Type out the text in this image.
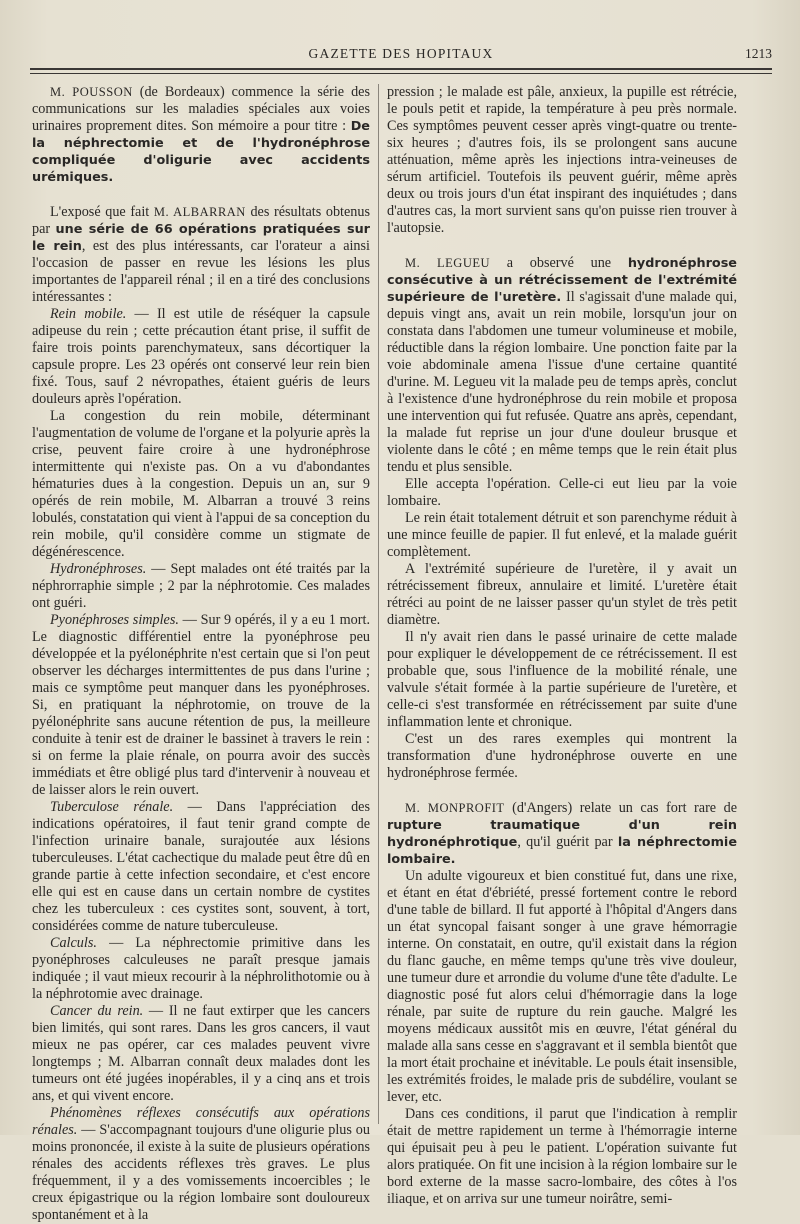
GAZETTE DES HOPITAUX	1213

M. POUSSON (de Bordeaux) commence la série des communications sur les maladies spéciales aux voies urinaires proprement dites. Son mémoire a pour titre : De la néphrectomie et de l'hydronéphrose compliquée d'oligurie avec accidents urémiques.

L'exposé que fait M. ALBARRAN des résultats obtenus par une série de 66 opérations pratiquées sur le rein, est des plus intéressants, car l'orateur a ainsi l'occasion de passer en revue les lésions les plus importantes de l'appareil rénal ; il en a tiré des conclusions intéressantes :

Rein mobile. — Il est utile de réséquer la capsule adipeuse du rein ; cette précaution étant prise, il suffit de faire trois points parenchymateux, sans décortiquer la capsule propre. Les 23 opérés ont conservé leur rein bien fixé. Tous, sauf 2 névropathes, étaient guéris de leurs douleurs après l'opération.

La congestion du rein mobile, déterminant l'augmentation de volume de l'organe et la polyurie après la crise, peuvent faire croire à une hydronéphrose intermittente qui n'existe pas. On a vu d'abondantes hématuries dues à la congestion. Depuis un an, sur 9 opérés de rein mobile, M. Albarran a trouvé 3 reins lobulés, constatation qui vient à l'appui de sa conception du rein mobile, qu'il considère comme un stigmate de dégénérescence.

Hydronéphroses. — Sept malades ont été traités par la néphrorraphie simple ; 2 par la néphrotomie. Ces malades ont guéri.

Pyonéphroses simples. — Sur 9 opérés, il y a eu 1 mort. Le diagnostic différentiel entre la pyonéphrose peu développée et la pyélonéphrite n'est certain que si l'on peut observer les décharges intermittentes de pus dans l'urine ; mais ce symptôme peut manquer dans les pyonéphroses. Si, en pratiquant la néphrotomie, on trouve de la pyélonéphrite sans aucune rétention de pus, la meilleure conduite à tenir est de drainer le bassinet à travers le rein : si on ferme la plaie rénale, on pourra avoir des succès immédiats et être obligé plus tard d'intervenir à nouveau et de laisser alors le rein ouvert.

Tuberculose rénale. — Dans l'appréciation des indications opératoires, il faut tenir grand compte de l'infection urinaire banale, surajoutée aux lésions tuberculeuses. L'état cachectique du malade peut être dû en grande partie à cette infection secondaire, et c'est encore elle qui est en cause dans un certain nombre de cystites chez les tuberculeux : ces cystites sont, souvent, à tort, considérées comme de nature tuberculeuse.

Calculs. — La néphrectomie primitive dans les pyonéphroses calculeuses ne paraît presque jamais indiquée ; il vaut mieux recourir à la néphrolithotomie ou à la néphrotomie avec drainage.

Cancer du rein. — Il ne faut extirper que les cancers bien limités, qui sont rares. Dans les gros cancers, il vaut mieux ne pas opérer, car ces malades peuvent vivre longtemps ; M. Albarran connaît deux malades dont les tumeurs ont été jugées inopérables, il y a cinq ans et trois ans, et qui vivent encore.

Phénomènes réflexes consécutifs aux opérations rénales. — S'accompagnant toujours d'une oligurie plus ou moins prononcée, il existe à la suite de plusieurs opérations rénales des accidents réflexes très graves. Le plus fréquemment, il y a des vomissements incoercibles ; le creux épigastrique ou la région lombaire sont douloureux spontanément et à la

pression ; le malade est pâle, anxieux, la pupille est rétrécie, le pouls petit et rapide, la température à peu près normale. Ces symptômes peuvent cesser après vingt-quatre ou trente-six heures ; d'autres fois, ils se prolongent sans aucune atténuation, même après les injections intra-veineuses de sérum artificiel. Toutefois ils peuvent guérir, même après deux ou trois jours d'un état inspirant des inquiétudes ; dans d'autres cas, la mort survient sans qu'on puisse rien trouver à l'autopsie.

M. LEGUEU a observé une hydronéphrose consécutive à un rétrécissement de l'extrémité supérieure de l'uretère. Il s'agissait d'une malade qui, depuis vingt ans, avait un rein mobile, lorsqu'un jour on constata dans l'abdomen une tumeur volumineuse et mobile, réductible dans la région lombaire. Une ponction faite par la voie abdominale amena l'issue d'une certaine quantité d'urine. M. Legueu vit la malade peu de temps après, conclut à l'existence d'une hydronéphrose du rein mobile et proposa une intervention qui fut refusée. Quatre ans après, cependant, la malade fut reprise un jour d'une douleur brusque et violente dans le côté ; en même temps que le rein était plus tendu et plus sensible.

Elle accepta l'opération. Celle-ci eut lieu par la voie lombaire.

Le rein était totalement détruit et son parenchyme réduit à une mince feuille de papier. Il fut enlevé, et la malade guérit complètement.

A l'extrémité supérieure de l'uretère, il y avait un rétrécissement fibreux, annulaire et limité. L'uretère était rétréci au point de ne laisser passer qu'un stylet de très petit diamètre.

Il n'y avait rien dans le passé urinaire de cette malade pour expliquer le développement de ce rétrécissement. Il est probable que, sous l'influence de la mobilité rénale, une valvule s'était formée à la partie supérieure de l'uretère, et celle-ci s'est transformée en rétrécissement par suite d'une inflammation lente et chronique.

C'est un des rares exemples qui montrent la transformation d'une hydronéphrose ouverte en une hydronéphrose fermée.

M. MONPROFIT (d'Angers) relate un cas fort rare de rupture traumatique d'un rein hydronéphrotique, qu'il guérit par la néphrectomie lombaire.

Un adulte vigoureux et bien constitué fut, dans une rixe, et étant en état d'ébriété, pressé fortement contre le rebord d'une table de billard. Il fut apporté à l'hôpital d'Angers dans un état syncopal faisant songer à une grave hémorragie interne. On constatait, en outre, qu'il existait dans la région du flanc gauche, en même temps qu'une très vive douleur, une tumeur dure et arrondie du volume d'une tête d'adulte. Le diagnostic posé fut alors celui d'hémorragie dans la loge rénale, par suite de rupture du rein gauche. Malgré les moyens médicaux aussitôt mis en œuvre, l'état général du malade alla sans cesse en s'aggravant et il sembla bientôt que la mort était prochaine et inévitable. Le pouls était insensible, les extrémités froides, le malade pris de subdélire, voulant se lever, etc.

Dans ces conditions, il parut que l'indication à remplir était de mettre rapidement un terme à l'hémorragie interne qui épuisait peu à peu le patient. L'opération suivante fut alors pratiquée. On fit une incision à la région lombaire sur le bord externe de la masse sacro-lombaire, des côtes à l'os iliaque, et on arriva sur une tumeur noirâtre, semi-
